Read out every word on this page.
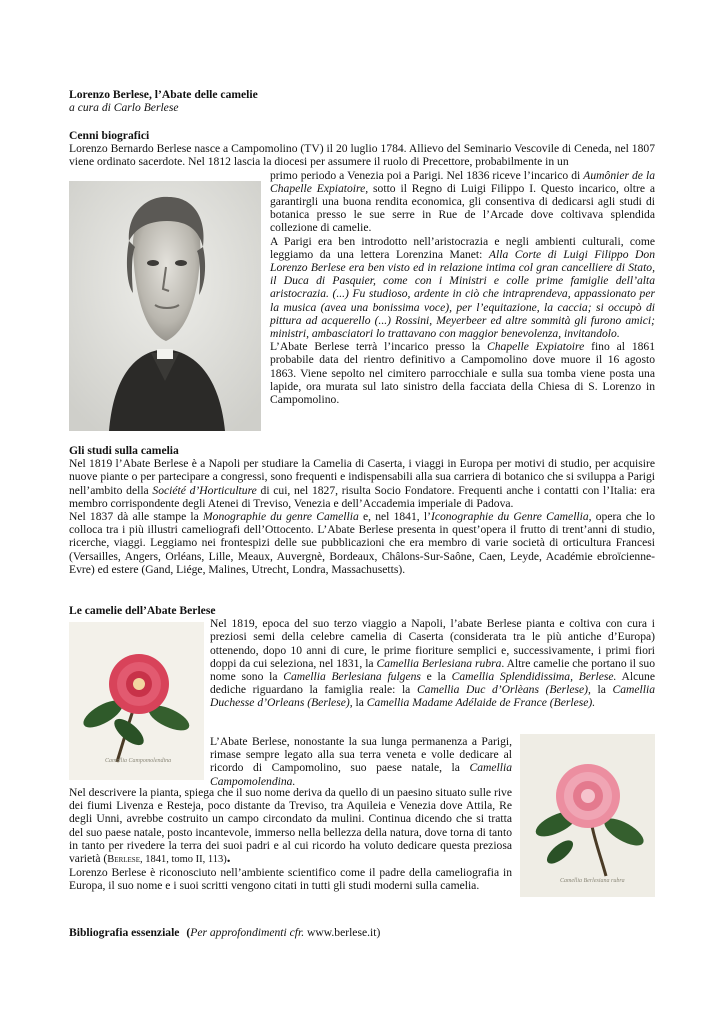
Camellia Campomolendina
Camellia Berlesiana rubra
Lorenzo Berlese, l’Abate delle camelie
a cura di Carlo Berlese
Cenni biografici

Lorenzo Bernardo Berlese nasce a Campomolino (TV) il 20 luglio 1784. Allievo del Seminario Vescovile di Ceneda, nel 1807 viene ordinato sacerdote. Nel 1812 lascia la diocesi per assumere il ruolo di Precettore, probabilmente in un

primo periodo a Venezia poi a Parigi. Nel 1836 riceve l’incarico di Aumônier de la Chapelle Expiatoire, sotto il Regno di Luigi Filippo I. Questo incarico, oltre a garantirgli una buona rendita economica, gli consentiva di dedicarsi agli studi di botanica presso le sue serre in Rue de l’Arcade dove coltivava splendida collezione di camelie.

A Parigi era ben introdotto nell’aristocrazia e negli ambienti culturali, come leggiamo da una lettera Lorenzina Manet: Alla Corte di Luigi Filippo Don Lorenzo Berlese era ben visto ed in relazione intima col gran cancelliere di Stato, il Duca di Pasquier, come con i Ministri e colle prime famiglie dell’alta aristocrazia. (...) Fu studioso, ardente in ciò che intraprendeva, appassionato per la musica (avea una bonissima voce), per l’equitazione, la caccia; si occupò di pittura ad acquerello (...) Rossini, Meyerbeer ed altre sommità gli furono amici; ministri, ambasciatori lo trattavano con maggior benevolenza, invitandolo.

L’Abate Berlese terrà l’incarico presso la Chapelle Expiatoire fino al 1861 probabile data del rientro definitivo a Campomolino dove muore il 16 agosto 1863. Viene sepolto nel cimitero parrocchiale e sulla sua tomba viene posta una lapide, ora murata sul lato sinistro della facciata della Chiesa di S. Lorenzo in Campomolino.

Gli studi sulla camelia

Nel 1819 l’Abate Berlese è a Napoli per studiare la Camelia di Caserta, i viaggi in Europa per motivi di studio, per acquisire nuove piante o per partecipare a congressi, sono frequenti e indispensabili alla sua carriera di botanico che si sviluppa a Parigi nell’ambito della Société d’Horticulture di cui, nel 1827, risulta Socio Fondatore. Frequenti anche i contatti con l’Italia: era membro corrispondente degli Atenei di Treviso, Venezia e dell’Accademia imperiale di Padova.

Nel 1837 dà alle stampe la Monographie du genre Camellia e, nel 1841, l’Iconographie du Genre Camellia, opera che lo colloca tra i più illustri cameliografi dell’Ottocento. L’Abate Berlese presenta in quest’opera il frutto di trent’anni di studio, ricerche, viaggi. Leggiamo nei frontespizi delle sue pubblicazioni che era membro di varie società di orticultura Francesi (Versailles, Angers, Orléans, Lille, Meaux, Auvergnè, Bordeaux, Châlons-Sur-Saône, Caen, Leyde, Académie ebroïcienne-Evre) ed estere (Gand, Liége, Malines, Utrecht, Londra, Massachusetts).

Le camelie dell’Abate Berlese

Nel 1819, epoca del suo terzo viaggio a Napoli, l’abate Berlese pianta e coltiva con cura i preziosi semi della celebre camelia di Caserta (considerata tra le più antiche d’Europa) ottenendo, dopo 10 anni di cure, le prime fioriture semplici e, successivamente, i primi fiori doppi da cui seleziona, nel 1831, la Camellia Berlesiana rubra. Altre camelie che portano il suo nome sono la Camellia Berlesiana fulgens e la Camellia Splendidissima, Berlese. Alcune dediche riguardano la famiglia reale: la Camellia Duc d’Orlèans (Berlese), la Camellia Duchesse d’Orleans (Berlese), la Camellia Madame Adélaide de France (Berlese).

L’Abate Berlese, nonostante la sua lunga permanenza a Parigi, rimase sempre legato alla sua terra veneta e volle dedicare al ricordo di Campomolino, suo paese natale, la Camellia Campomolendina.

Nel descrivere la pianta, spiega che il suo nome deriva da quello di un paesino situato sulle rive dei fiumi Livenza e Resteja, poco distante da Treviso, tra Aquileia e Venezia dove Attila, Re degli Unni, avrebbe costruito un campo circondato da mulini. Continua dicendo che si tratta del suo paese natale, posto incantevole, immerso nella bellezza della natura, dove torna di tanto in tanto per rivedere la terra dei suoi padri e al cui ricordo ha voluto dedicare questa preziosa varietà (Berlese, 1841, tomo II, 113).

Lorenzo Berlese è riconosciuto nell’ambiente scientifico come il padre della cameliografia in Europa, il suo nome e i suoi scritti vengono citati in tutti gli studi moderni sulla camelia.

Bibliografia essenziale (Per approfondimenti cfr. www.berlese.it)
